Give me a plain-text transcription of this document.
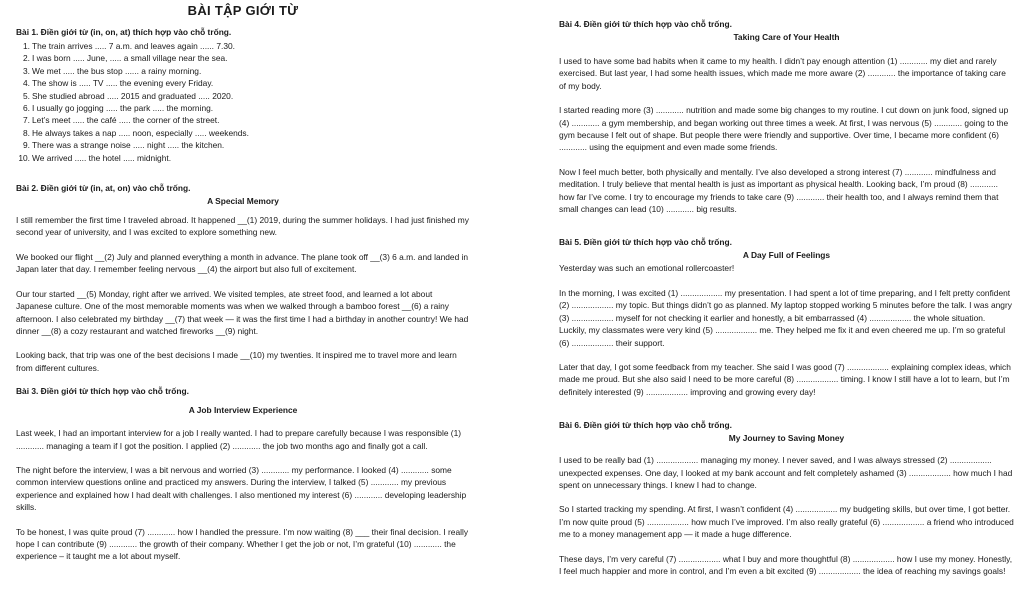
BÀI TẬP GIỚI TỪ
Bài 1. Điền giới từ (in, on, at) thích hợp vào chỗ trống.
1. The train arrives ..... 7 a.m. and leaves again ...... 7.30.
2. I was born ..... June, ..... a small village near the sea.
3. We met ..... the bus stop ...... a rainy morning.
4. The show is ..... TV ..... the evening every Friday.
5. She studied abroad ..... 2015 and graduated ..... 2020.
6. I usually go jogging ..... the park ..... the morning.
7. Let’s meet ..... the café ..... the corner of the street.
8. He always takes a nap ..... noon, especially ..... weekends.
9. There was a strange noise ..... night ..... the kitchen.
10. We arrived ..... the hotel ..... midnight.
Bài 2. Điền giới từ (in, at, on) vào chỗ trống.
A Special Memory

I still remember the first time I traveled abroad. It happened __(1) 2019, during the summer holidays. I had just finished my second year of university, and I was excited to explore something new.

We booked our flight __(2) July and planned everything a month in advance. The plane took off __(3) 6 a.m. and landed in Japan later that day. I remember feeling nervous __(4) the airport but also full of excitement.

Our tour started __(5) Monday, right after we arrived. We visited temples, ate street food, and learned a lot about Japanese culture. One of the most memorable moments was when we walked through a bamboo forest __(6) a rainy afternoon. I also celebrated my birthday __(7) that week — it was the first time I had a birthday in another country! We had dinner __(8) a cozy restaurant and watched fireworks __(9) night.

Looking back, that trip was one of the best decisions I made __(10) my twenties. It inspired me to travel more and learn from different cultures.

Bài 3. Điền giới từ thích hợp vào chỗ trống.
A Job Interview Experience

Last week, I had an important interview for a job I really wanted. I had to prepare carefully because I was responsible (1) ............ managing a team if I got the position. I applied (2) ............ the job two months ago and finally got a call.

The night before the interview, I was a bit nervous and worried (3) ............ my performance. I looked (4) ............ some common interview questions online and practiced my answers. During the interview, I talked (5) ............ my previous experience and explained how I had dealt with challenges. I also mentioned my interest (6) ............ developing leadership skills.

To be honest, I was quite proud (7) ............ how I handled the pressure. I’m now waiting (8) ___ their final decision. I really hope I can contribute (9) ............ the growth of their company. Whether I get the job or not, I’m grateful (10) ............ the experience – it taught me a lot about myself.

Bài 4. Điền giới từ thích hợp vào chỗ trống.
Taking Care of Your Health

I used to have some bad habits when it came to my health. I didn’t pay enough attention (1) ............ my diet and rarely exercised. But last year, I had some health issues, which made me more aware (2) ............ the importance of taking care of my body.

I started reading more (3) ............ nutrition and made some big changes to my routine. I cut down on junk food, signed up (4) ............ a gym membership, and began working out three times a week. At first, I was nervous (5) ............ going to the gym because I felt out of shape. But people there were friendly and supportive. Over time, I became more confident (6) ............ using the equipment and even made some friends.

Now I feel much better, both physically and mentally. I’ve also developed a strong interest (7) ............ mindfulness and meditation. I truly believe that mental health is just as important as physical health. Looking back, I’m proud (8) ............ how far I’ve come. I try to encourage my friends to take care (9) ............ their health too, and I always remind them that small changes can lead (10) ............ big results.

Bài 5. Điền giới từ thích hợp vào chỗ trống.
A Day Full of Feelings

Yesterday was such an emotional rollercoaster!

In the morning, I was excited (1) .................. my presentation. I had spent a lot of time preparing, and I felt pretty confident (2) .................. my topic. But things didn’t go as planned. My laptop stopped working 5 minutes before the talk. I was angry (3) .................. myself for not checking it earlier and honestly, a bit embarrassed (4) .................. the whole situation. Luckily, my classmates were very kind (5) .................. me. They helped me fix it and even cheered me up. I’m so grateful (6) .................. their support.

Later that day, I got some feedback from my teacher. She said I was good (7) .................. explaining complex ideas, which made me proud. But she also said I need to be more careful (8) .................. timing. I know I still have a lot to learn, but I’m definitely interested (9) .................. improving and growing every day!

Bài 6. Điền giới từ thích hợp vào chỗ trống.
My Journey to Saving Money

I used to be really bad (1) .................. managing my money. I never saved, and I was always stressed (2) .................. unexpected expenses. One day, I looked at my bank account and felt completely ashamed (3) .................. how much I had spent on unnecessary things. I knew I had to change.

So I started tracking my spending. At first, I wasn’t confident (4) .................. my budgeting skills, but over time, I got better. I’m now quite proud (5) .................. how much I’ve improved. I’m also really grateful (6) .................. a friend who introduced me to a money management app — it made a huge difference.

These days, I’m very careful (7) .................. what I buy and more thoughtful (8) .................. how I use my money. Honestly, I feel much happier and more in control, and I’m even a bit excited (9) .................. the idea of reaching my savings goals!
